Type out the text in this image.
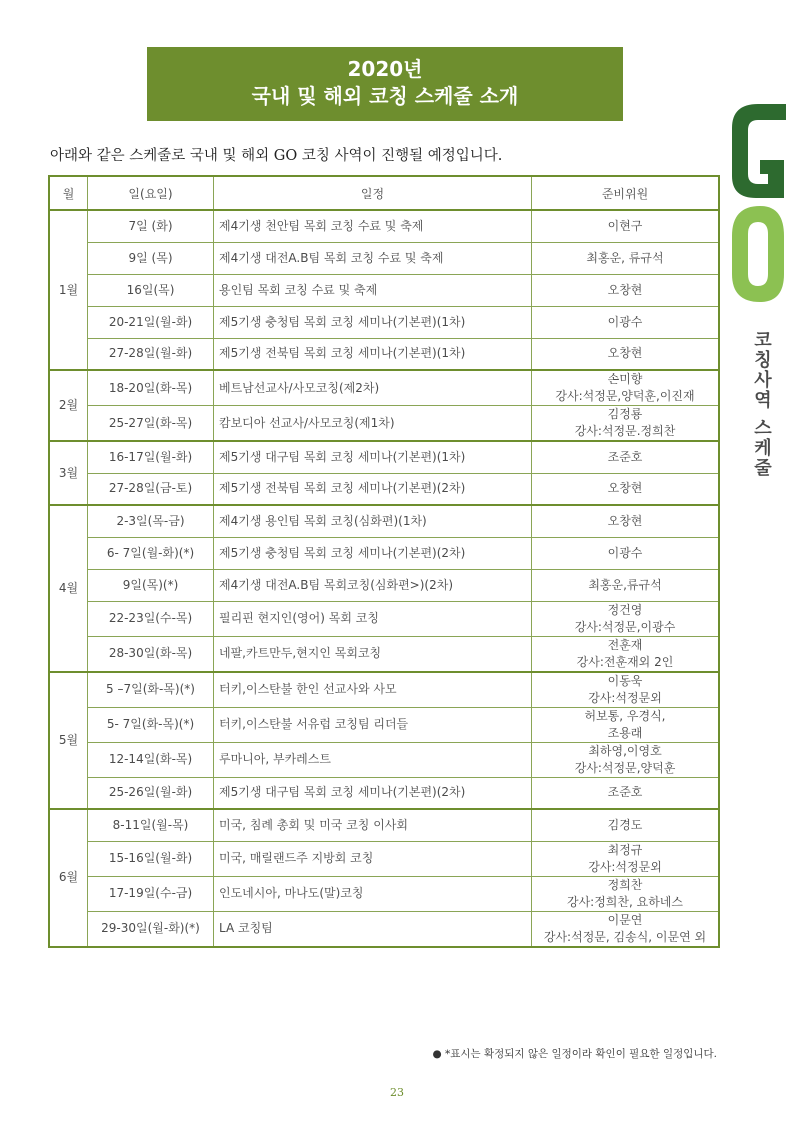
2020년
국내 및 해외 코칭 스케줄 소개
아래와 같은 스케줄로 국내 및 해외 GO 코칭 사역이 진행될 예정입니다.
코칭사역 스케줄
월	일(요일)	일정	준비위원
1월	7일 (화)	제4기생 천안팀 목회 코칭 수료 및 축제	이현구

	9일 (목)	제4기생 대전A.B팀 목회 코칭 수료 및 축제	최홍운, 류규석

	16일(목)	용인팀 목회 코칭 수료 및 축제	오창현

	20-21일(월-화)	제5기생 충청팀 목회 코칭 세미나(기본편)(1차)	이광수

	27-28일(월-화)	제5기생 전북팀 목회 코칭 세미나(기본편)(1차)	오창현

2월	18-20일(화-목)	베트남선교사/사모코칭(제2차)	손미향
강사:석정문,양덕훈,이진재

	25-27일(화-목)	캄보디아 선교사/사모코칭(제1차)	김정룡
강사:석정문.정희찬

3월	16-17일(월-화)	제5기생 대구팀 목회 코칭 세미나(기본편)(1차)	조준호

	27-28일(금-토)	제5기생 전북팀 목회 코칭 세미나(기본편)(2차)	오창현

4월	2-3일(목-금)	제4기생 용인팀 목회 코칭(심화편)(1차)	오창현

	6- 7일(월-화)(*)	제5기생 충청팀 목회 코칭 세미나(기본편)(2차)	이광수

	9일(목)(*)	제4기생 대전A.B팀 목회코칭(심화편>)(2차)	최홍운,류규석

	22-23일(수-목)	필리핀 현지인(영어) 목회 코칭	정건영
강사:석정문,이광수

	28-30일(화-목)	네팔,카트만두,현지인 목회코칭	전훈재
강사:전훈재외 2인

5월	5 –7일(화-목)(*)	터키,이스탄불 한인 선교사와 사모	이동욱
강사:석정문외

	5- 7일(화-목)(*)	터키,이스탄불 서유럽 코칭팀 리더들	허보통, 우경식,
조용래

	12-14일(화-목)	루마니아, 부카레스트	최하영,이영호
강사:석정문,양덕훈

	25-26일(월-화)	제5기생 대구팀 목회 코칭 세미나(기본편)(2차)	조준호

6월	8-11일(월-목)	미국, 침례 총회 및 미국 코칭 이사회	김경도

	15-16일(월-화)	미국, 매릴랜드주 지방회 코칭	최정규
강사:석정문외

	17-19일(수-금)	인도네시아, 마나도(말)코칭	정희찬
강사:정희찬, 요하네스

	29-30일(월-화)(*)	LA 코칭팀	이문연
강사:석정문, 김송식, 이문연 외
● *표시는 확정되지 않은 일정이라 확인이 필요한 일정입니다.
23
